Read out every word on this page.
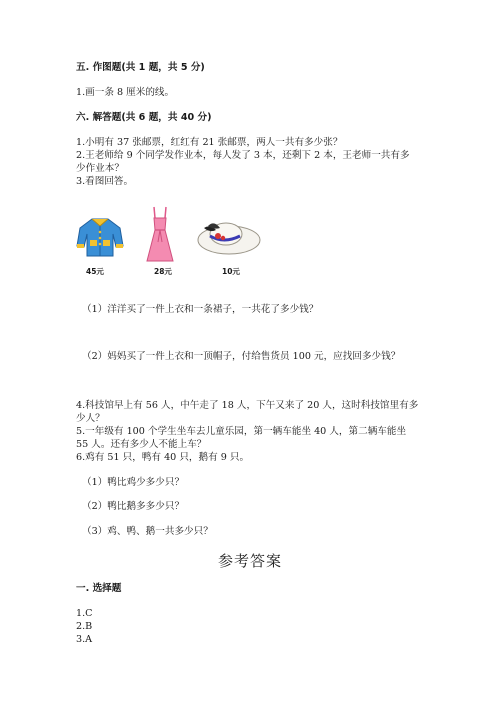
五. 作图题(共 1 题，共 5 分)
1.画一条 8 厘米的线。
六. 解答题(共 6 题，共 40 分)
1.小明有 37 张邮票，红红有 21 张邮票，两人一共有多少张？
2.王老师给 9 个同学发作业本，每人发了 3 本，还剩下 2 本，王老师一共有多
少作业本？
3.看图回答。
45元	28元	10元
（1）洋洋买了一件上衣和一条裙子，一共花了多少钱？
（2）妈妈买了一件上衣和一顶帽子，付给售货员 100 元，应找回多少钱？
4.科技馆早上有 56 人，中午走了 18 人，下午又来了 20 人，这时科技馆里有多
少人？
5.一年级有 100 个学生坐车去儿童乐园，第一辆车能坐 40 人，第二辆车能坐
55 人。还有多少人不能上车？
6.鸡有 51 只，鸭有 40 只，鹅有 9 只。
（1）鸭比鸡少多少只？
（2）鸭比鹅多多少只？
（3）鸡、鸭、鹅一共多少只？
参考答案
一. 选择题
1.C
2.B
3.A
